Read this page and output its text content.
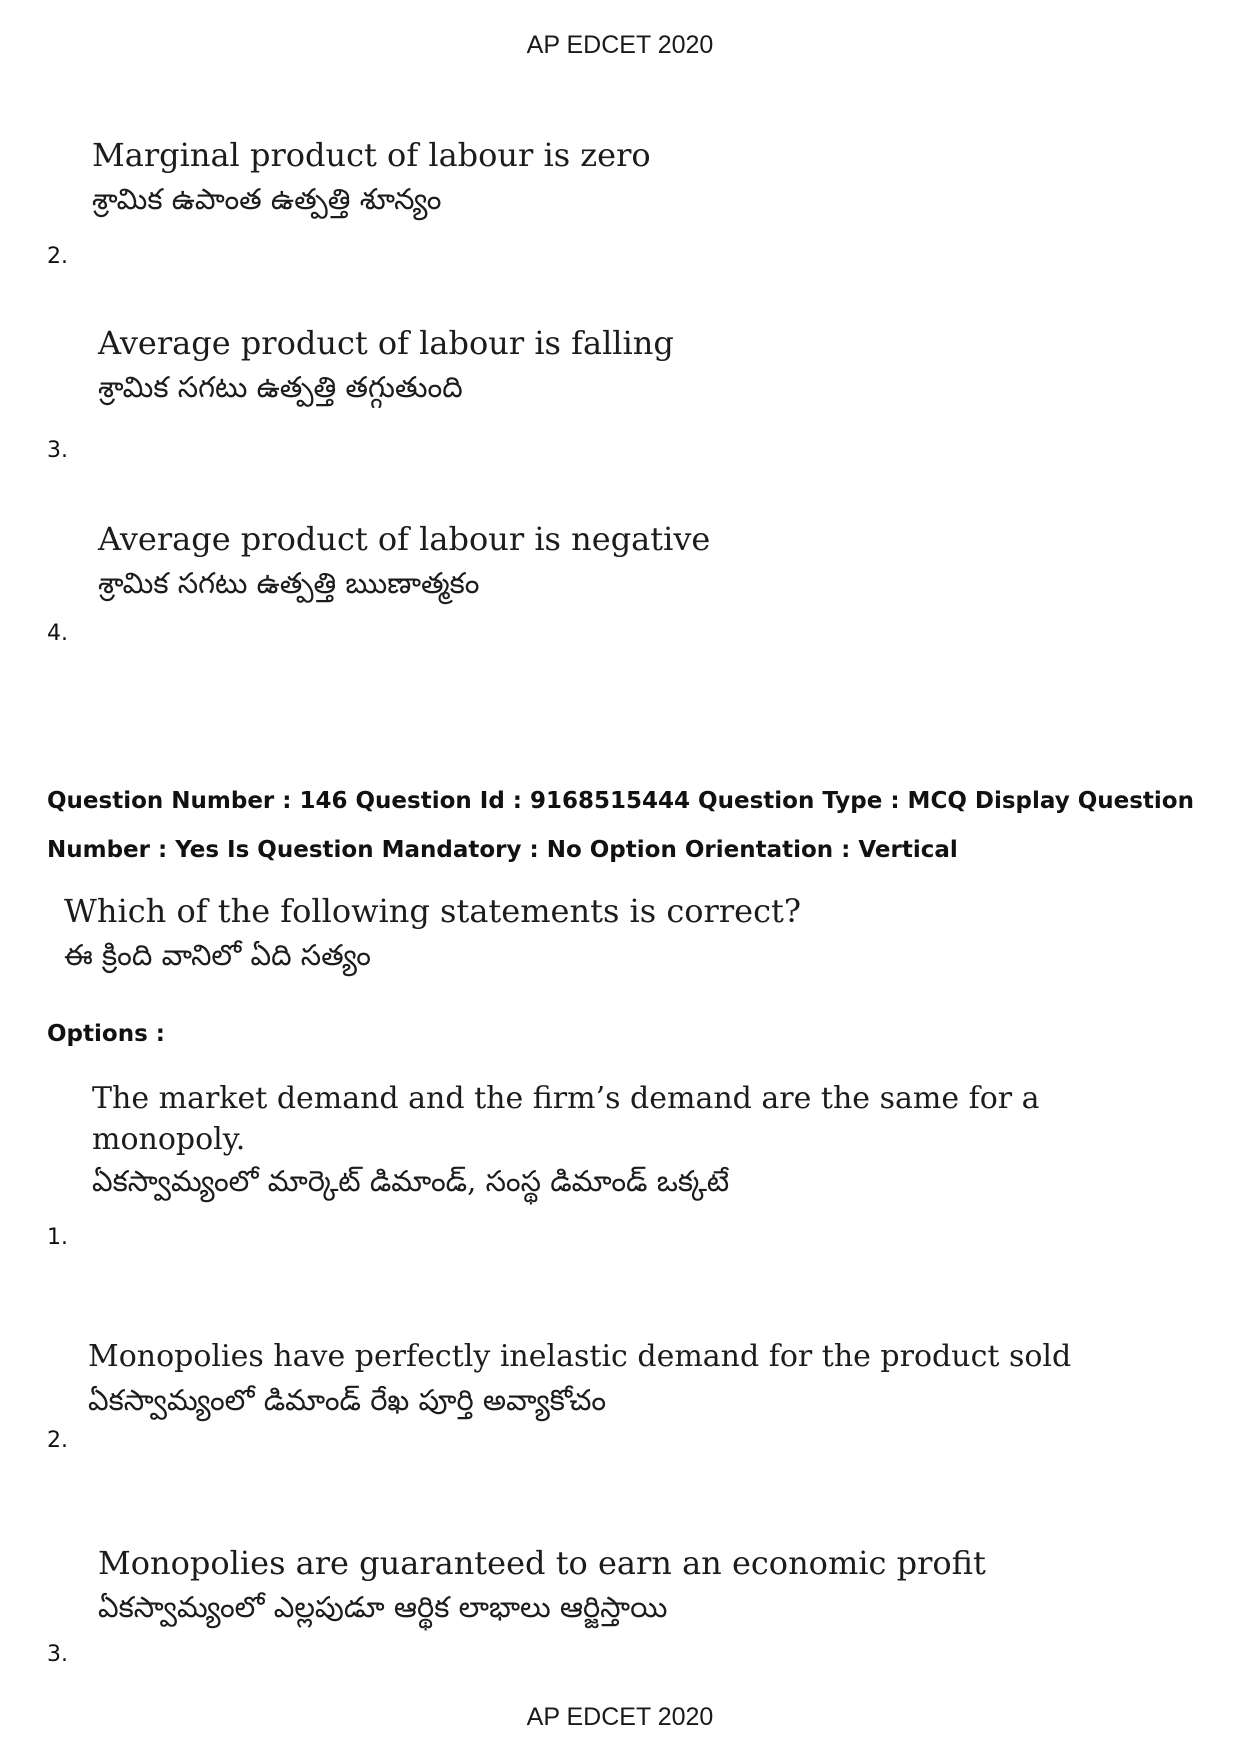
AP EDCET 2020
Marginal product of labour is zero
శ్రామిక ఉపాంత ఉత్పత్తి శూన్యం
2.
Average product of labour is falling
శ్రామిక సగటు ఉత్పత్తి తగ్గుతుంది
3.
Average product of labour is negative
శ్రామిక సగటు ఉత్పత్తి ఋణాత్మకం
4.
Question Number : 146 Question Id : 9168515444 Question Type : MCQ Display Question
Number : Yes Is Question Mandatory : No Option Orientation : Vertical
Which of the following statements is correct?
ఈ క్రింది వానిలో ఏది సత్యం
Options :
The market demand and the firm’s demand are the same for a
monopoly.
ఏకస్వామ్యంలో మార్కెట్ డిమాండ్, సంస్థ డిమాండ్ ఒక్కటే
1.
Monopolies have perfectly inelastic demand for the product sold
ఏకస్వామ్యంలో డిమాండ్ రేఖ పూర్తి అవ్యాకోచం
2.
Monopolies are guaranteed to earn an economic profit
ఏకస్వామ్యంలో ఎల్లపుడూ ఆర్థిక లాభాలు ఆర్జిస్తాయి
3.
AP EDCET 2020
